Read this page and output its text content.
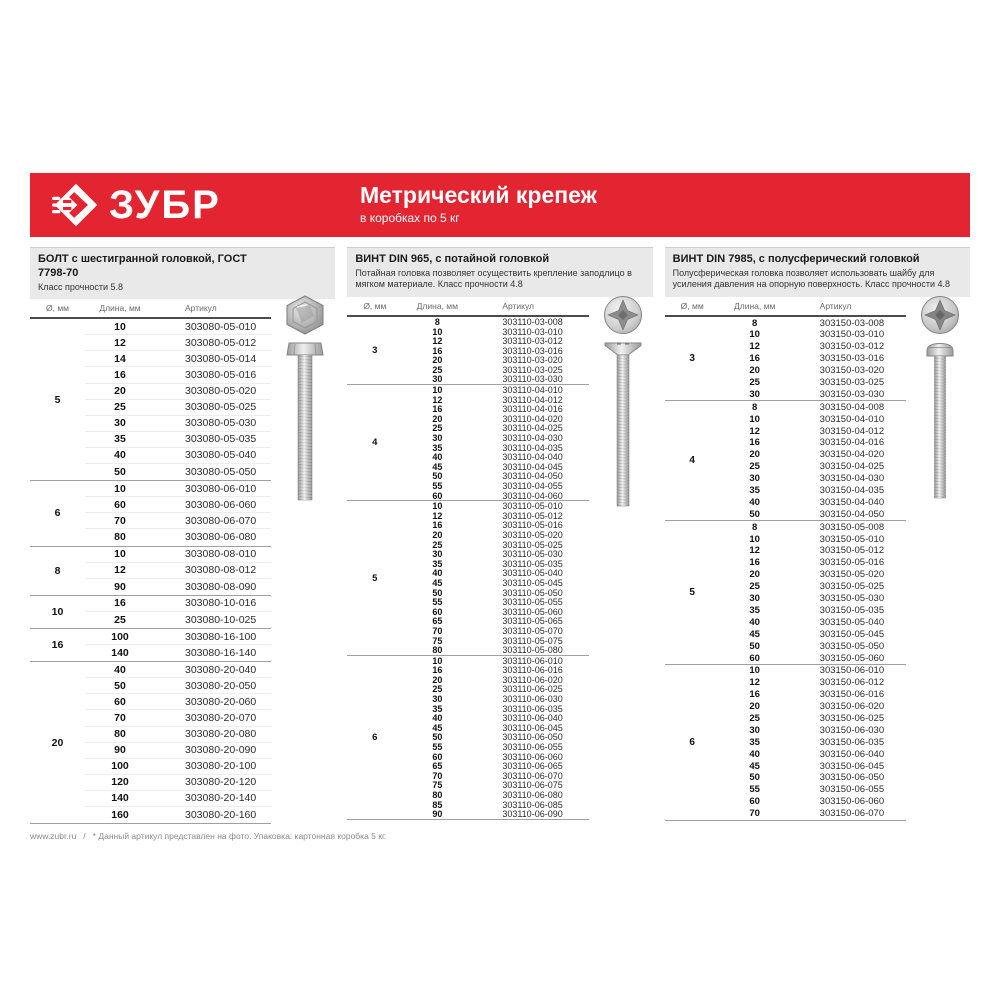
ЗУБР	Метрический крепеж
в коробках по 5 кг
БОЛТ с шестигранной головкой, ГОСТ 7798-70
Класс прочности 5.8
Ø, мм	Длина, мм	Артикул
5
10	303080-05-010
12	303080-05-012
14	303080-05-014
16	303080-05-016
20	303080-05-020
25	303080-05-025
30	303080-05-030
35	303080-05-035
40	303080-05-040
50	303080-05-050
6
10	303080-06-010
60	303080-06-060
70	303080-06-070
80	303080-06-080
8
10	303080-08-010
12	303080-08-012
90	303080-08-090
10
16	303080-10-016
25	303080-10-025
16
100	303080-16-100
140	303080-16-140
20
40	303080-20-040
50	303080-20-050
60	303080-20-060
70	303080-20-070
80	303080-20-080
90	303080-20-090
100	303080-20-100
120	303080-20-120
140	303080-20-140
160	303080-20-160
ВИНТ DIN 965, с потайной головкой
Потайная головка позволяет осуществить крепление заподлицо в мягком материале. Класс прочности 4.8
Ø, мм	Длина, мм	Артикул
3
8	303110-03-008
10	303110-03-010
12	303110-03-012
16	303110-03-016
20	303110-03-020
25	303110-03-025
30	303110-03-030
4
10	303110-04-010
12	303110-04-012
16	303110-04-016
20	303110-04-020
25	303110-04-025
30	303110-04-030
35	303110-04-035
40	303110-04-040
45	303110-04-045
50	303110-04-050
55	303110-04-055
60	303110-04-060
5
10	303110-05-010
12	303110-05-012
16	303110-05-016
20	303110-05-020
25	303110-05-025
30	303110-05-030
35	303110-05-035
40	303110-05-040
45	303110-05-045
50	303110-05-050
55	303110-05-055
60	303110-05-060
65	303110-05-065
70	303110-05-070
75	303110-05-075
80	303110-05-080
6
10	303110-06-010
16	303110-06-016
20	303110-06-020
25	303110-06-025
30	303110-06-030
35	303110-06-035
40	303110-06-040
45	303110-06-045
50	303110-06-050
55	303110-06-055
60	303110-06-060
65	303110-06-065
70	303110-06-070
75	303110-06-075
80	303110-06-080
85	303110-06-085
90	303110-06-090
ВИНТ DIN 7985, с полусферический головкой
Полусферическая головка позволяет использовать шайбу для усиления давления на опорную поверхность. Класс прочности 4.8
Ø, мм	Длина, мм	Артикул
3
8	303150-03-008
10	303150-03-010
12	303150-03-012
16	303150-03-016
20	303150-03-020
25	303150-03-025
30	303150-03-030
4
8	303150-04-008
10	303150-04-010
12	303150-04-012
16	303150-04-016
20	303150-04-020
25	303150-04-025
30	303150-04-030
35	303150-04-035
40	303150-04-040
50	303150-04-050
5
8	303150-05-008
10	303150-05-010
12	303150-05-012
16	303150-05-016
20	303150-05-020
25	303150-05-025
30	303150-05-030
35	303150-05-035
40	303150-05-040
45	303150-05-045
50	303150-05-050
60	303150-05-060
6
10	303150-06-010
12	303150-06-012
16	303150-06-016
20	303150-06-020
25	303150-06-025
30	303150-06-030
35	303150-06-035
40	303150-06-040
45	303150-06-045
50	303150-06-050
55	303150-06-055
60	303150-06-060
70	303150-06-070
www.zubr.ru / * Данный артикул представлен на фото. Упаковка: картонная коробка 5 кг.
